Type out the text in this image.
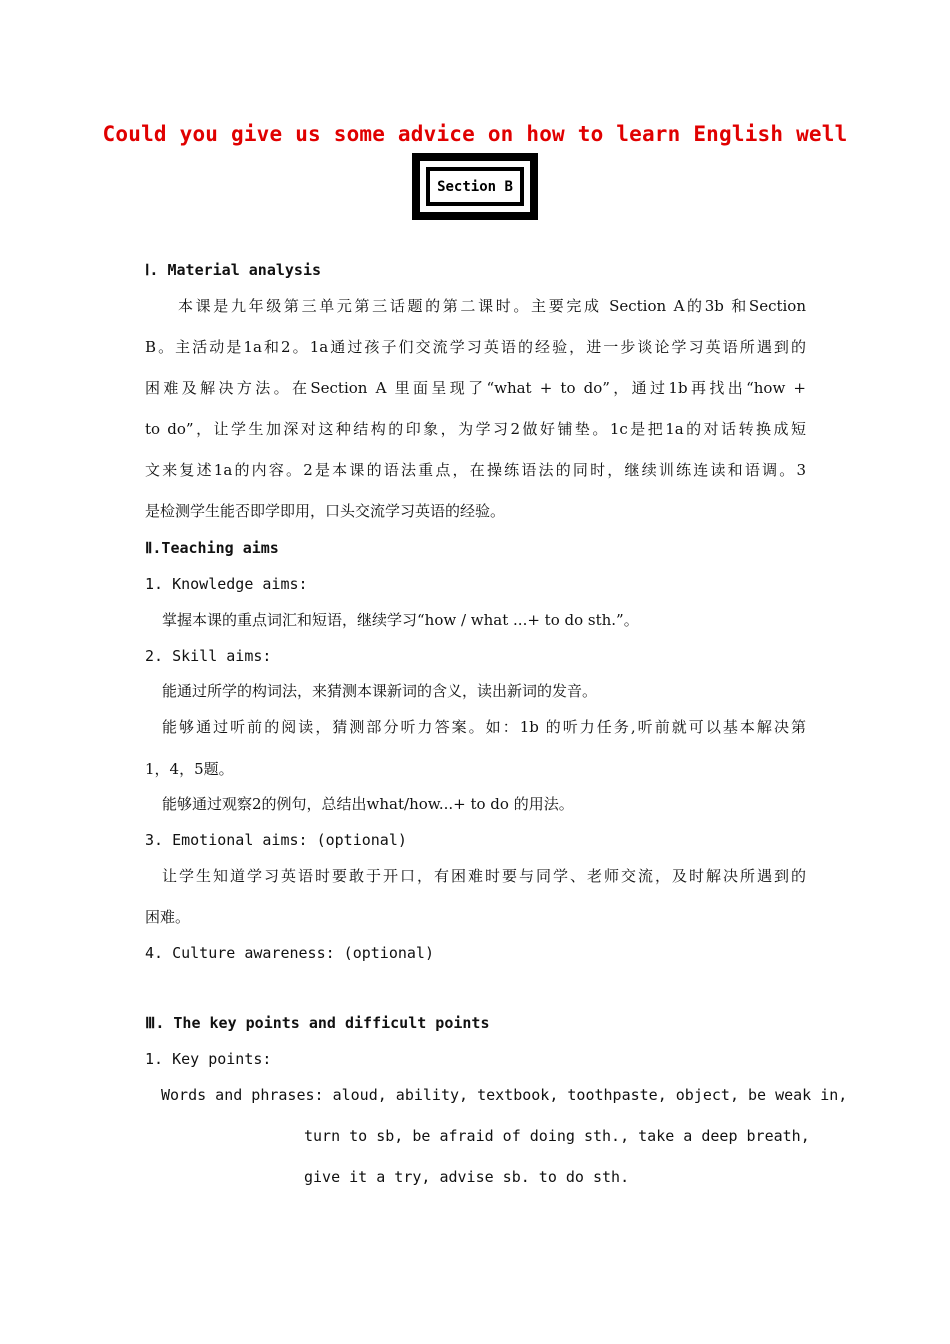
Could you give us some advice on how to learn English well
Section B
Ⅰ. Material analysis
本课是九年级第三单元第三话题的第二课时。主要完成 Section A的3b 和Section
B。主活动是1a和2。1a通过孩子们交流学习英语的经验，进一步谈论学习英语所遇到的
困难及解决方法。在Section A 里面呈现了“what + to do”，通过1b再找出“how +
to do”，让学生加深对这种结构的印象，为学习2做好铺垫。1c是把1a的对话转换成短
文来复述1a的内容。2是本课的语法重点，在操练语法的同时，继续训练连读和语调。3
是检测学生能否即学即用，口头交流学习英语的经验。
Ⅱ.Teaching aims
1. Knowledge aims:
掌握本课的重点词汇和短语，继续学习“how / what ...+ to do sth.”。
2. Skill aims:
能通过所学的构词法，来猜测本课新词的含义，读出新词的发音。
能够通过听前的阅读，猜测部分听力答案。如：1b 的听力任务,听前就可以基本解决第
1，4，5题。
能够通过观察2的例句，总结出what/how...+ to do 的用法。
3. Emotional aims: (optional)
让学生知道学习英语时要敢于开口，有困难时要与同学、老师交流，及时解决所遇到的
困难。
4. Culture awareness: (optional)
Ⅲ. The key points and difficult points
1. Key points:
Words and phrases: aloud, ability, textbook, toothpaste, object, be weak in,
turn to sb, be afraid of doing sth., take a deep breath,
give it a try, advise sb. to do sth.
